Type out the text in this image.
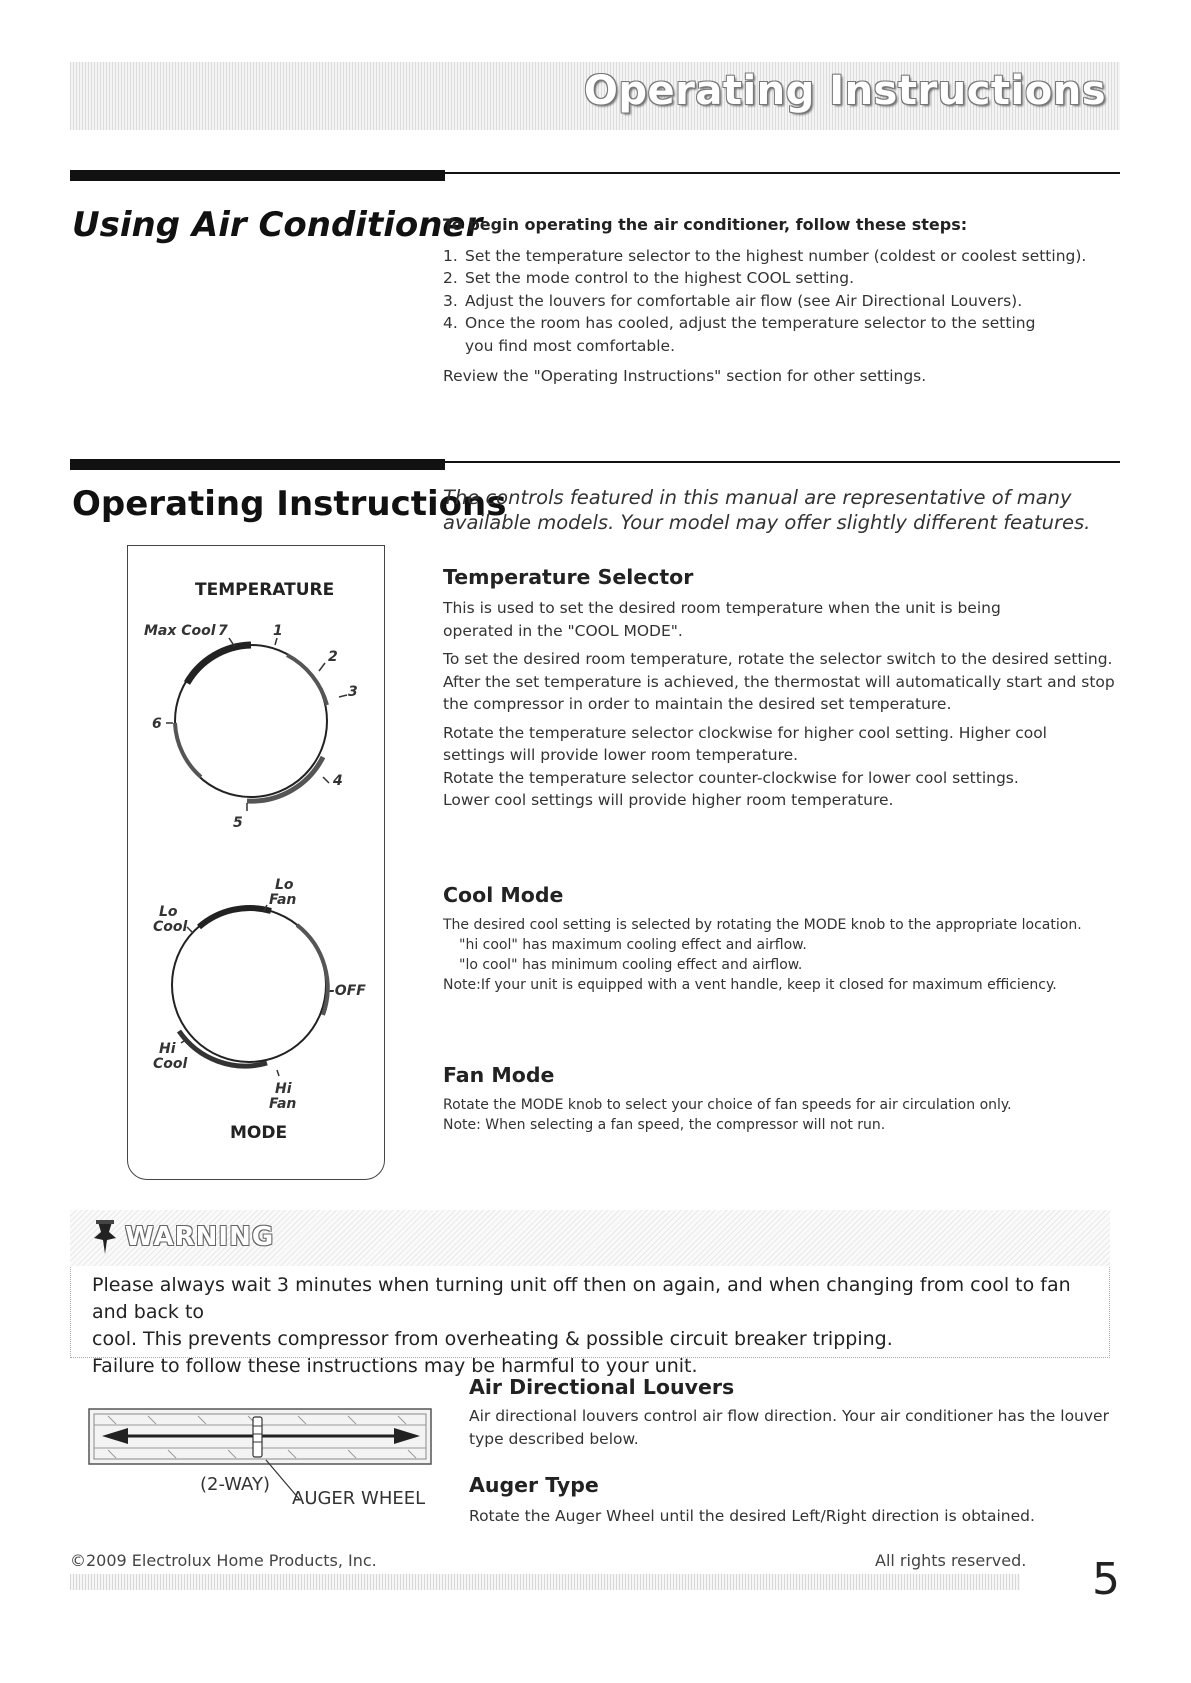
Operating Instructions
Using Air Conditioner
To begin operating the air conditioner, follow these steps:
1. Set the temperature selector to the highest number (coldest or coolest setting).
2. Set the mode control to the highest COOL setting.
3. Adjust the louvers for comfortable air flow (see Air Directional Louvers).
4. Once the room has cooled, adjust the temperature selector to the setting you find most comfortable.
Review the "Operating Instructions" section for other settings.
Operating Instructions
The controls featured in this manual are representative of many available models. Your model may offer slightly different features.
TEMPERATURE
Max Cool 7	1
2
3
4
5
6
Lo
Fan
Lo
Cool
-OFF
Hi
Cool
Hi
Fan
MODE
Temperature Selector
This is used to set the desired room temperature when the unit is being operated in the "COOL MODE".
To set the desired room temperature, rotate the selector switch to the desired setting. After the set temperature is achieved, the thermostat will automatically start and stop the compressor in order to maintain the desired set temperature.
Rotate the temperature selector clockwise for higher cool setting. Higher cool settings will provide lower room temperature.
Rotate the temperature selector counter-clockwise for lower cool settings.
Lower cool settings will provide higher room temperature.
Cool Mode
The desired cool setting is selected by rotating the MODE knob to the appropriate location.
"hi cool" has maximum cooling effect and airflow.
"lo cool" has minimum cooling effect and airflow.
Note:If your unit is equipped with a vent handle, keep it closed for maximum efficiency.
Fan Mode
Rotate the MODE knob to select your choice of fan speeds for air circulation only.
Note: When selecting a fan speed, the compressor will not run.
WARNING
Please always wait 3 minutes when turning unit off then on again, and when changing from cool to fan and back to
cool. This prevents compressor from overheating & possible circuit breaker tripping.
Failure to follow these instructions may be harmful to your unit.
(2-WAY)
AUGER WHEEL
Air Directional Louvers
Air directional louvers control air flow direction. Your air conditioner has the louver type described below.
Auger Type
Rotate the Auger Wheel until the desired Left/Right direction is obtained.
©2009 Electrolux Home Products, Inc.	All rights reserved. 5
